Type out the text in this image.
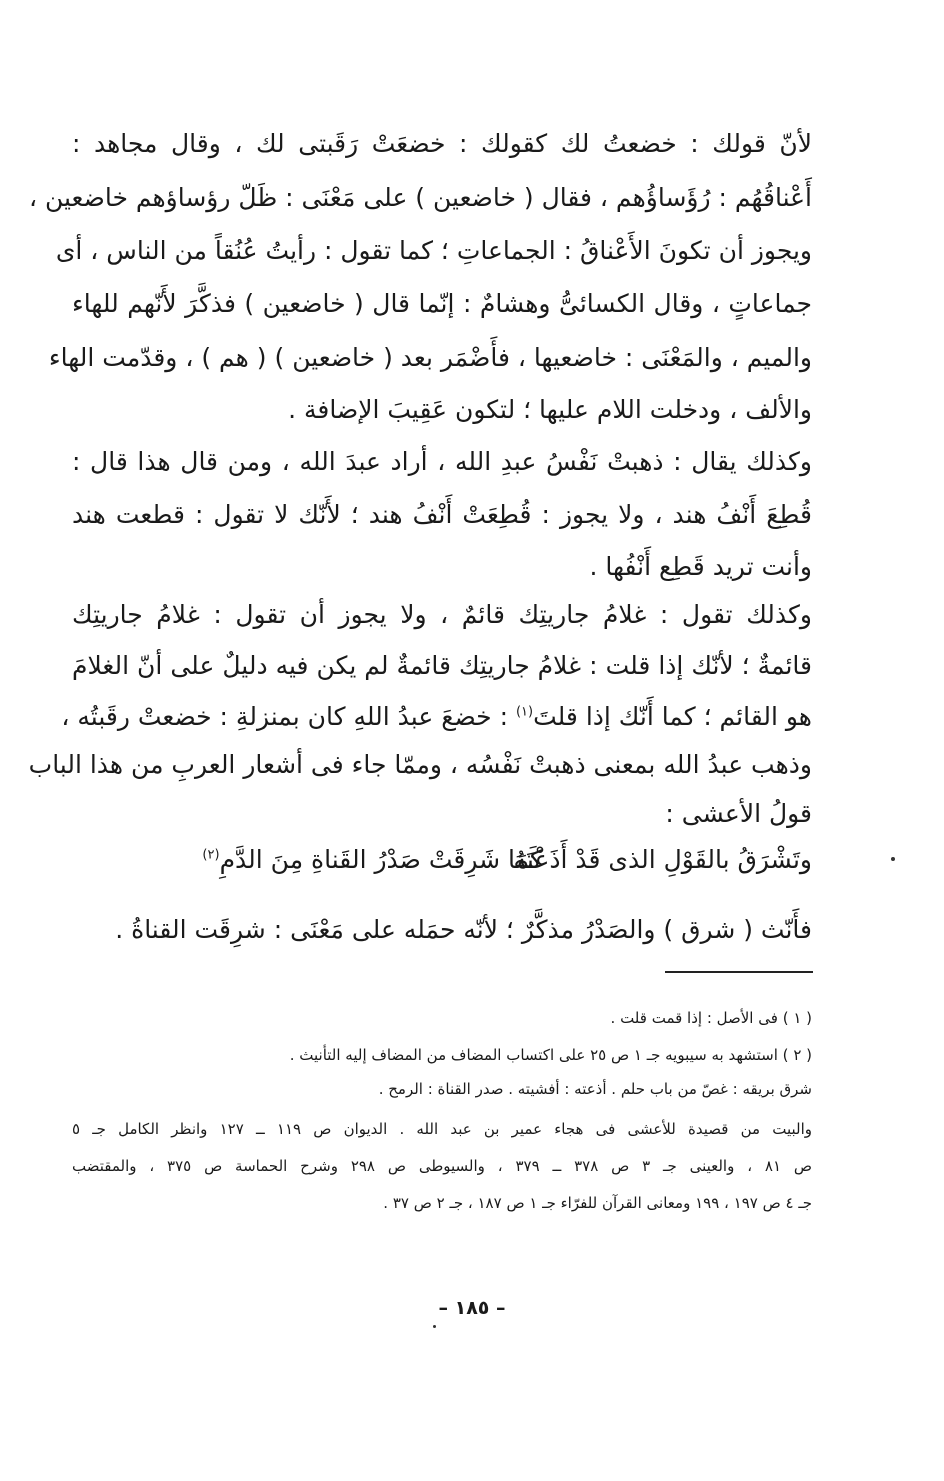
لأنّ قولك : خضعتُ لك كقولك : خضعَتْ رَقَبتى لك ، وقال مجاهد :
أَعْناقُهُم : رُؤَساؤُهم ، فقال ( خاضعين ) على مَعْنَى : ظَلّ رؤساؤهم خاضعين ،
ويجوز أن تكونَ الأَعْناقُ : الجماعاتِ ؛ كما تقول : رأيتُ عُنُقاً من الناس ، أى
جماعاتٍ ، وقال الكسائىُّ وهشامٌ : إنّما قال ( خاضعين ) فذكَّرَ لأَنّهم للهاء
والميم ، والمَعْنَى : خاضعيها ، فأَضْمَر بعد ( خاضعين ) ( هم ) ، وقدّمت الهاء
والألف ، ودخلت اللام عليها ؛ لتكون عَقِيبَ الإضافة .
وكذلك يقال : ذهبتْ نَفْسُ عبدِ الله ، أراد عبدَ الله ، ومن قال هذا قال :
قُطِعَ أَنْفُ هند ، ولا يجوز : قُطِعَتْ أَنْفُ هند ؛ لأَنّك لا تقول : قطعت هند
وأنت تريد قَطِع أَنْفُها .
وكذلك تقول : غلامُ جاريتِك قائمٌ ، ولا يجوز أن تقول : غلامُ جاريتِك
قائمةٌ ؛ لأنّك إذا قلت : غلامُ جاريتِك قائمةٌ لم يكن فيه دليلٌ على أنّ الغلامَ
هو القائم ؛ كما أَنّك إذا قلتَ$^{(١)}$ : خضعَ عبدُ اللهِ كان بمنزلةِ : خضعتْ رقَبتُه ،
وذهب عبدُ الله بمعنى ذهبتْ نَفْسُه ، وممّا جاء فى أشعار العربِ من هذا الباب
قولُ الأعشى :
وتَشْرَقُ بالقَوْلِ الذى قَدْ أَذَعْتَهُ
كَمَا شَرِقَتْ صَدْرُ القَناةِ مِنَ الدَّمِ$^{(٢)}$
فأَنّث ( شرق ) والصَدْرُ مذكَّرٌ ؛ لأنّه حمَله على مَعْنَى : شرِقَت القناةُ .
( ١ ) فى الأصل : إذا قمت قلت .
( ٢ ) استشهد به سيبويه جـ ١ ص ٢٥ على اكتساب المضاف من المضاف إليه التأنيث .
شرق بريقه : غصّ من باب حلم . أذعته : أفشيته . صدر القناة : الرمح .
والبيت من قصيدة للأعشى فى هجاء عمير بن عبد الله . الديوان ص ١١٩ ــ ١٢٧ وانظر الكامل جـ ٥
ص ٨١ ، والعينى جـ ٣ ص ٣٧٨ ــ ٣٧٩ ، والسيوطى ص ٢٩٨ وشرح الحماسة ص ٣٧٥ ، والمقتضب
جـ ٤ ص ١٩٧ ، ١٩٩ ومعانى القرآن للفرّاء جـ ١ ص ١٨٧ ، جـ ٢ ص ٣٧ .
– ١٨٥ –
